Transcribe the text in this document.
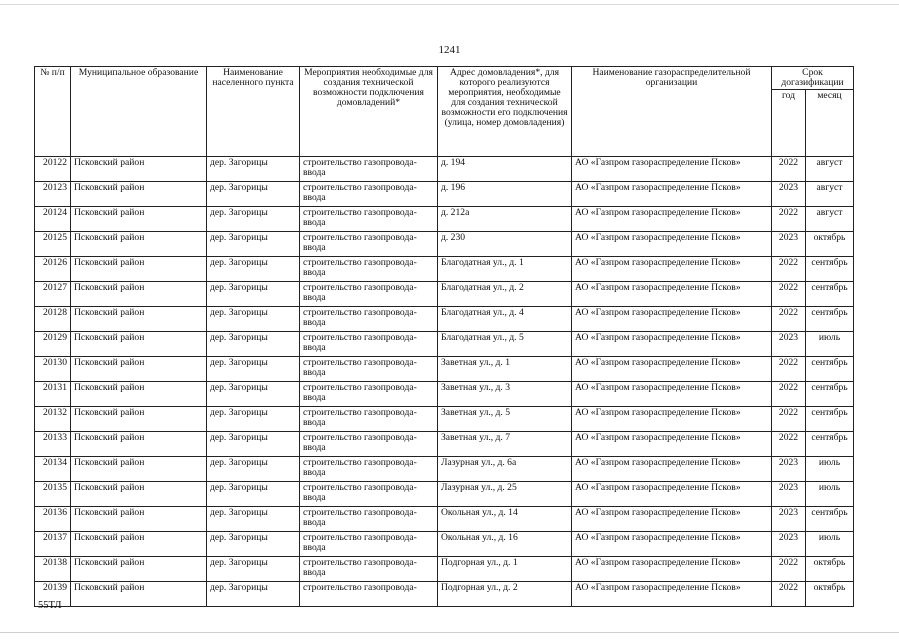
1241
№ п/п	Муниципальное образование	Наименование населенного пункта	Мероприятия необходимые для создания технической возможности подключения домовладений*	Адрес домовладения*, для которого реализуются мероприятия, необходимые для создания технической возможности его подключения (улица, номер домовладения)	Наименование газораспределительной организации	Срок догазификации	
						год	месяц
20122	Псковский район	дер. Загорицы	строительство газопровода-ввода	д. 194	АО «Газпром газораспределение Псков»	2022	август
20123	Псковский район	дер. Загорицы	строительство газопровода-ввода	д. 196	АО «Газпром газораспределение Псков»	2023	август
20124	Псковский район	дер. Загорицы	строительство газопровода-ввода	д. 212а	АО «Газпром газораспределение Псков»	2022	август
20125	Псковский район	дер. Загорицы	строительство газопровода-ввода	д. 230	АО «Газпром газораспределение Псков»	2023	октябрь
20126	Псковский район	дер. Загорицы	строительство газопровода-ввода	Благодатная ул., д. 1	АО «Газпром газораспределение Псков»	2022	сентябрь
20127	Псковский район	дер. Загорицы	строительство газопровода-ввода	Благодатная ул., д. 2	АО «Газпром газораспределение Псков»	2022	сентябрь
20128	Псковский район	дер. Загорицы	строительство газопровода-ввода	Благодатная ул., д. 4	АО «Газпром газораспределение Псков»	2022	сентябрь
20129	Псковский район	дер. Загорицы	строительство газопровода-ввода	Благодатная ул., д. 5	АО «Газпром газораспределение Псков»	2023	июль
20130	Псковский район	дер. Загорицы	строительство газопровода-ввода	Заветная ул., д. 1	АО «Газпром газораспределение Псков»	2022	сентябрь
20131	Псковский район	дер. Загорицы	строительство газопровода-ввода	Заветная ул., д. 3	АО «Газпром газораспределение Псков»	2022	сентябрь
20132	Псковский район	дер. Загорицы	строительство газопровода-ввода	Заветная ул., д. 5	АО «Газпром газораспределение Псков»	2022	сентябрь
20133	Псковский район	дер. Загорицы	строительство газопровода-ввода	Заветная ул., д. 7	АО «Газпром газораспределение Псков»	2022	сентябрь
20134	Псковский район	дер. Загорицы	строительство газопровода-ввода	Лазурная ул., д. 6а	АО «Газпром газораспределение Псков»	2023	июль
20135	Псковский район	дер. Загорицы	строительство газопровода-ввода	Лазурная ул., д. 25	АО «Газпром газораспределение Псков»	2023	июль
20136	Псковский район	дер. Загорицы	строительство газопровода-ввода	Окольная ул., д. 14	АО «Газпром газораспределение Псков»	2023	сентябрь
20137	Псковский район	дер. Загорицы	строительство газопровода-ввода	Окольная ул., д. 16	АО «Газпром газораспределение Псков»	2023	июль
20138	Псковский район	дер. Загорицы	строительство газопровода-ввода	Подгорная ул., д. 1	АО «Газпром газораспределение Псков»	2022	октябрь
20139	Псковский район	дер. Загорицы	строительство газопровода-	Подгорная ул., д. 2	АО «Газпром газораспределение Псков»	2022	октябрь
55ТЛ
